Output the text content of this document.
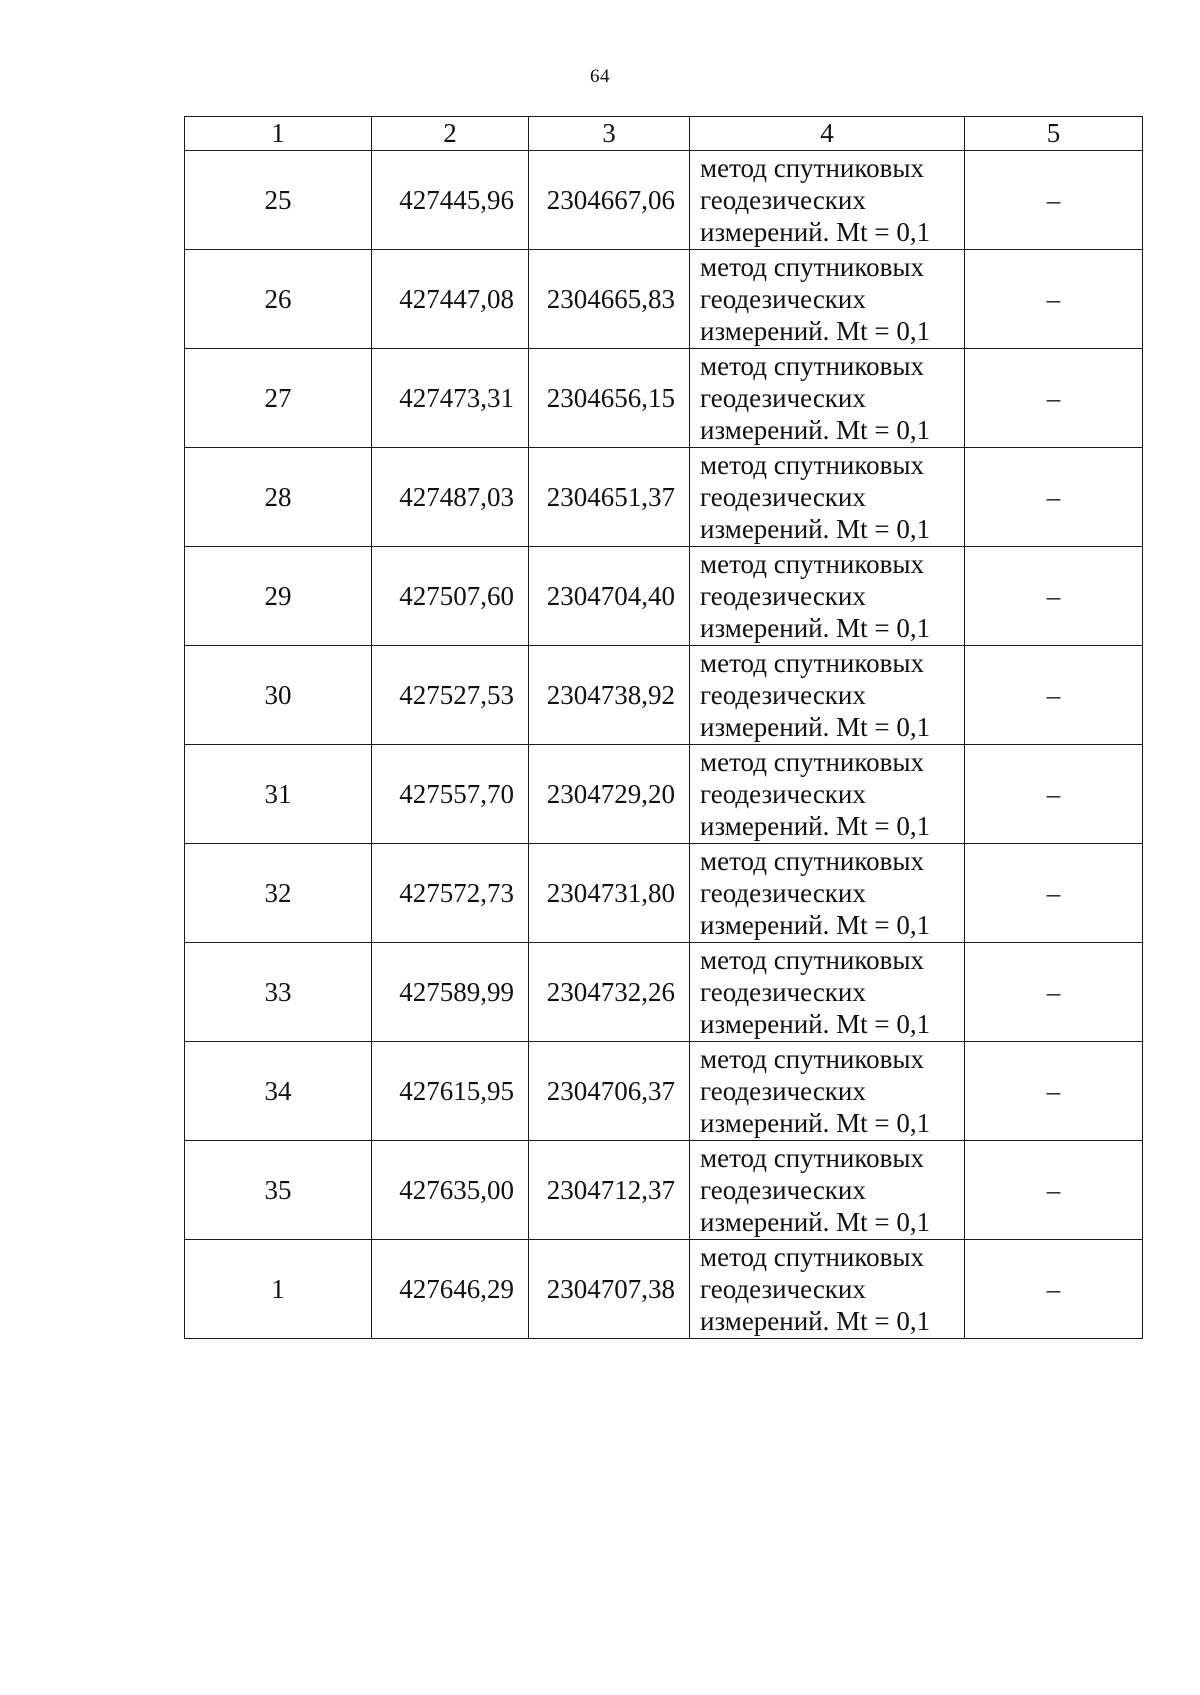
64
1	2	3	4	5
25	427445,96	2304667,06	метод спутниковых
геодезических
измерений. Mt = 0,1	–
26	427447,08	2304665,83	метод спутниковых
геодезических
измерений. Mt = 0,1	–
27	427473,31	2304656,15	метод спутниковых
геодезических
измерений. Mt = 0,1	–
28	427487,03	2304651,37	метод спутниковых
геодезических
измерений. Mt = 0,1	–
29	427507,60	2304704,40	метод спутниковых
геодезических
измерений. Mt = 0,1	–
30	427527,53	2304738,92	метод спутниковых
геодезических
измерений. Mt = 0,1	–
31	427557,70	2304729,20	метод спутниковых
геодезических
измерений. Mt = 0,1	–
32	427572,73	2304731,80	метод спутниковых
геодезических
измерений. Mt = 0,1	–
33	427589,99	2304732,26	метод спутниковых
геодезических
измерений. Mt = 0,1	–
34	427615,95	2304706,37	метод спутниковых
геодезических
измерений. Mt = 0,1	–
35	427635,00	2304712,37	метод спутниковых
геодезических
измерений. Mt = 0,1	–
1	427646,29	2304707,38	метод спутниковых
геодезических
измерений. Mt = 0,1	–
